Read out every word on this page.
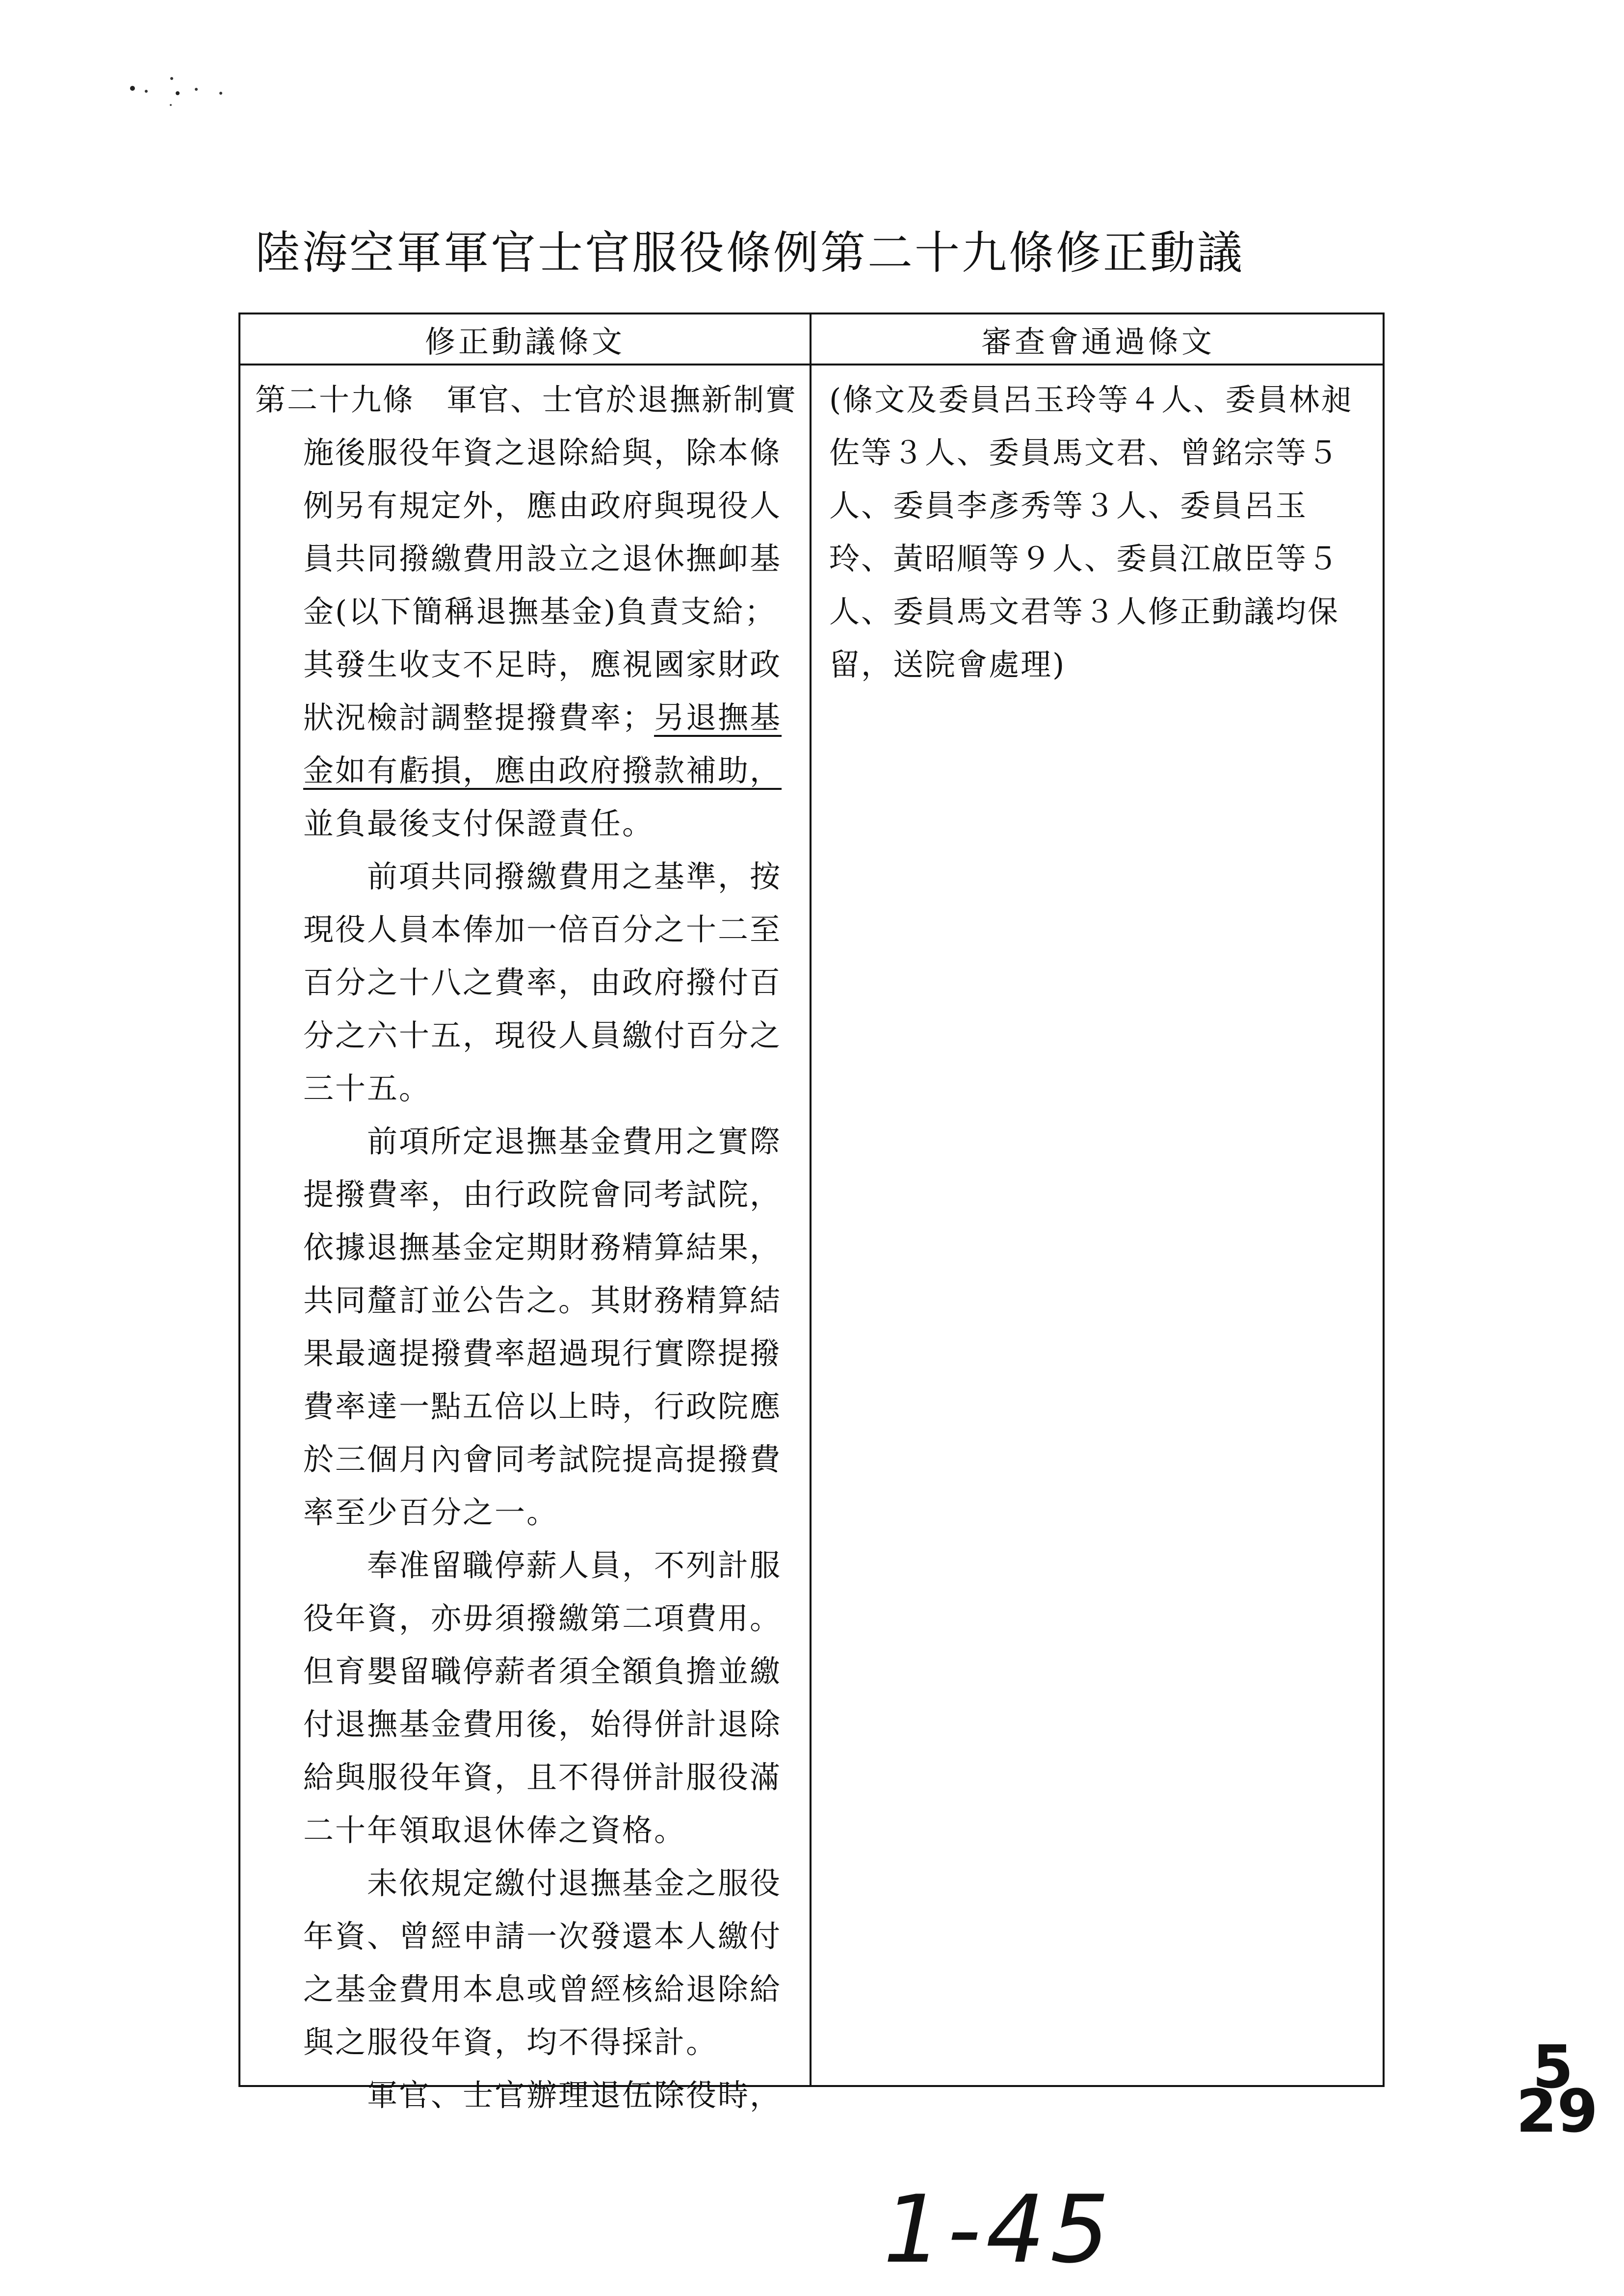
陸海空軍軍官士官服役條例第二十九條修正動議
修正動議條文	審查會通過條文

第二十九條　軍官、士官於退撫新制實施後服役年資之退除給與，除本條例另有規定外，應由政府與現役人員共同撥繳費用設立之退休撫卹基金(以下簡稱退撫基金)負責支給；其發生收支不足時，應視國家財政狀況檢討調整提撥費率；另退撫基金如有虧損，應由政府撥款補助，並負最後支付保證責任。

前項共同撥繳費用之基準，按現役人員本俸加一倍百分之十二至百分之十八之費率，由政府撥付百分之六十五，現役人員繳付百分之三十五。

前項所定退撫基金費用之實際提撥費率，由行政院會同考試院，依據退撫基金定期財務精算結果，共同釐訂並公告之。其財務精算結果最適提撥費率超過現行實際提撥費率達一點五倍以上時，行政院應於三個月內會同考試院提高提撥費率至少百分之一。

奉准留職停薪人員，不列計服役年資，亦毋須撥繳第二項費用。但育嬰留職停薪者須全額負擔並繳付退撫基金費用後，始得併計退除給與服役年資，且不得併計服役滿二十年領取退休俸之資格。

未依規定繳付退撫基金之服役年資、曾經申請一次發還本人繳付之基金費用本息或曾經核給退除給與之服役年資，均不得採計。

軍官、士官辦理退伍除役時，

(條文及委員呂玉玲等４人、委員林昶佐等３人、委員馬文君、曾銘宗等５人、委員李彥秀等３人、委員呂玉玲、黃昭順等９人、委員江啟臣等５人、委員馬文君等３人修正動議均保留，送院會處理)

5
29
1-45
